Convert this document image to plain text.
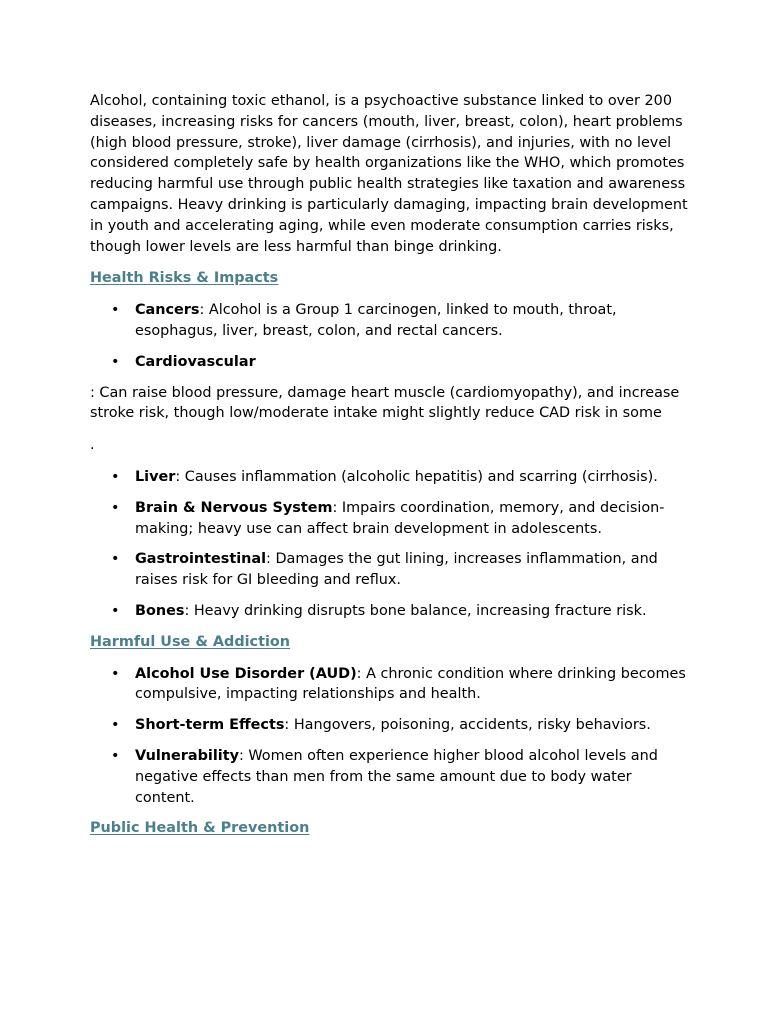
Alcohol, containing toxic ethanol, is a psychoactive substance linked to over 200 diseases, increasing risks for cancers (mouth, liver, breast, colon), heart problems (high blood pressure, stroke), liver damage (cirrhosis), and injuries, with no level considered completely safe by health organizations like the WHO, which promotes reducing harmful use through public health strategies like taxation and awareness campaigns. Heavy drinking is particularly damaging, impacting brain development in youth and accelerating aging, while even moderate consumption carries risks, though lower levels are less harmful than binge drinking.

Health Risks & Impacts

• Cancers: Alcohol is a Group 1 carcinogen, linked to mouth, throat, esophagus, liver, breast, colon, and rectal cancers.
• Cardiovascular

: Can raise blood pressure, damage heart muscle (cardiomyopathy), and increase stroke risk, though low/moderate intake might slightly reduce CAD risk in some

.

• Liver: Causes inflammation (alcoholic hepatitis) and scarring (cirrhosis).
• Brain & Nervous System: Impairs coordination, memory, and decision-making; heavy use can affect brain development in adolescents.
• Gastrointestinal: Damages the gut lining, increases inflammation, and raises risk for GI bleeding and reflux.
• Bones: Heavy drinking disrupts bone balance, increasing fracture risk.

Harmful Use & Addiction

• Alcohol Use Disorder (AUD): A chronic condition where drinking becomes compulsive, impacting relationships and health.
• Short-term Effects: Hangovers, poisoning, accidents, risky behaviors.
• Vulnerability: Women often experience higher blood alcohol levels and negative effects than men from the same amount due to body water content.

Public Health & Prevention
